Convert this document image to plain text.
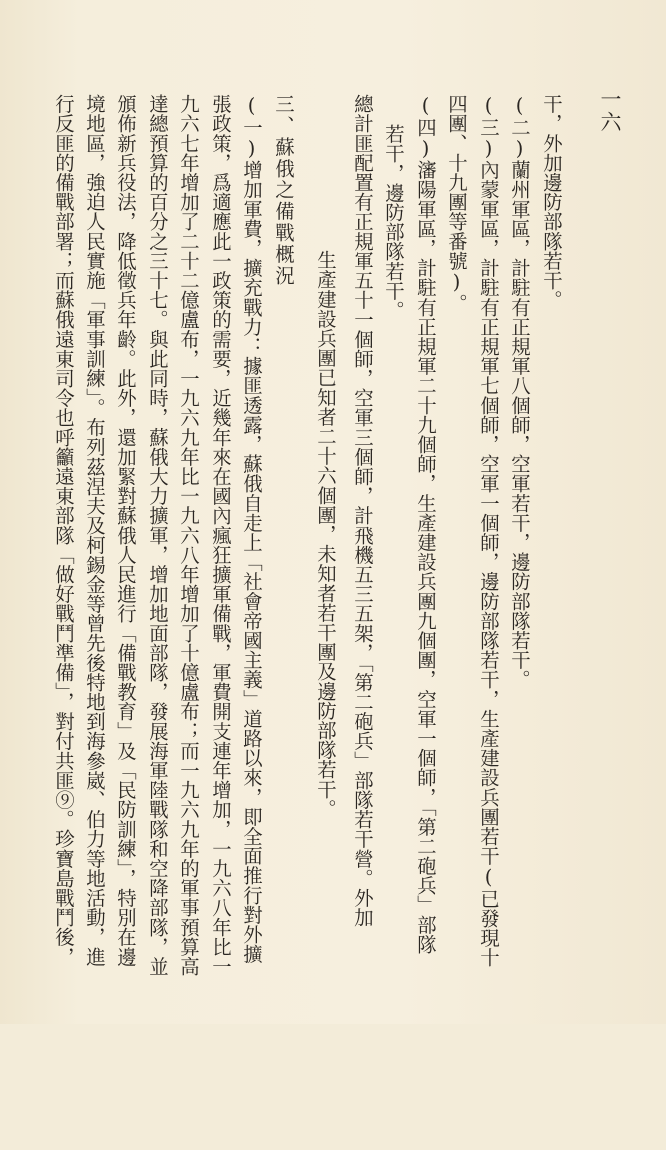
一六
干，外加邊防部隊若干。
(二)蘭州軍區，計駐有正規軍八個師，空軍若干，邊防部隊若干。
(三)內蒙軍區，計駐有正規軍七個師，空軍一個師，邊防部隊若干，生產建設兵團若干(已發現十
四團、十九團等番號)。
(四)瀋陽軍區，計駐有正規軍二十九個師，生產建設兵團九個團，空軍一個師，「第二砲兵」部隊
若干，邊防部隊若干。
總計匪配置有正規軍五十一個師，空軍三個師，計飛機五三五架，「第二砲兵」部隊若干營。外加
生產建設兵團已知者二十六個團，未知者若干團及邊防部隊若干。
三、蘇俄之備戰概況
(一)增加軍費，擴充戰力：據匪透露，蘇俄自走上「社會帝國主義」道路以來，即全面推行對外擴
張政策，爲適應此一政策的需要，近幾年來在國內瘋狂擴軍備戰，軍費開支連年增加，一九六八年比一
九六七年增加了二十二億盧布，一九六九年比一九六八年增加了十億盧布；而一九六九年的軍事預算高
達總預算的百分之三十七。與此同時，蘇俄大力擴軍，增加地面部隊，發展海軍陸戰隊和空降部隊，並
頒佈新兵役法，降低徵兵年齡。此外，還加緊對蘇俄人民進行「備戰教育」及「民防訓練」，特別在邊
境地區，強迫人民實施「軍事訓練」。布列茲涅夫及柯錫金等曾先後特地到海參崴、伯力等地活動，進
行反匪的備戰部署；而蘇俄遠東司令也呼籲遠東部隊「做好戰鬥準備」，對付共匪⑨。珍寶島戰鬥後，
